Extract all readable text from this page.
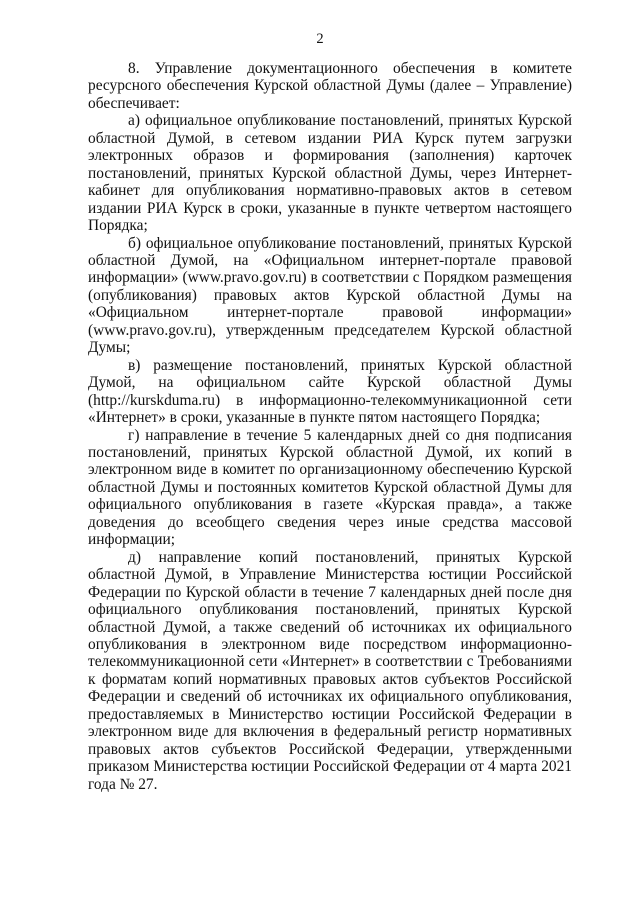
2

8. Управление документационного обеспечения в комитете ресурсного обеспечения Курской областной Думы (далее – Управление) обеспечивает:

а) официальное опубликование постановлений, принятых Курской областной Думой, в сетевом издании РИА Курск путем загрузки электронных образов и формирования (заполнения) карточек постановлений, принятых Курской областной Думы, через Интернет-кабинет для опубликования нормативно-правовых актов в сетевом издании РИА Курск в сроки, указанные в пункте четвертом настоящего Порядка;

б) официальное опубликование постановлений, принятых Курской областной Думой, на «Официальном интернет-портале правовой информации» (www.pravo.gov.ru) в соответствии с Порядком размещения (опубликования) правовых актов Курской областной Думы на «Официальном интернет-портале правовой информации» (www.pravo.gov.ru), утвержденным председателем Курской областной Думы;

в) размещение постановлений, принятых Курской областной Думой, на официальном сайте Курской областной Думы (http://kurskduma.ru) в информационно-телекоммуникационной сети «Интернет» в сроки, указанные в пункте пятом настоящего Порядка;

г) направление в течение 5 календарных дней со дня подписания постановлений, принятых Курской областной Думой, их копий в электронном виде в комитет по организационному обеспечению Курской областной Думы и постоянных комитетов Курской областной Думы для официального опубликования в газете «Курская правда», а также доведения до всеобщего сведения через иные средства массовой информации;

д) направление копий постановлений, принятых Курской областной Думой, в Управление Министерства юстиции Российской Федерации по Курской области в течение 7 календарных дней после дня официального опубликования постановлений, принятых Курской областной Думой, а также сведений об источниках их официального опубликования в электронном виде посредством информационно-телекоммуникационной сети «Интернет» в соответствии с Требованиями к форматам копий нормативных правовых актов субъектов Российской Федерации и сведений об источниках их официального опубликования, предоставляемых в Министерство юстиции Российской Федерации в электронном виде для включения в федеральный регистр нормативных правовых актов субъектов Российской Федерации, утвержденными приказом Министерства юстиции Российской Федерации от 4 марта 2021 года № 27.
